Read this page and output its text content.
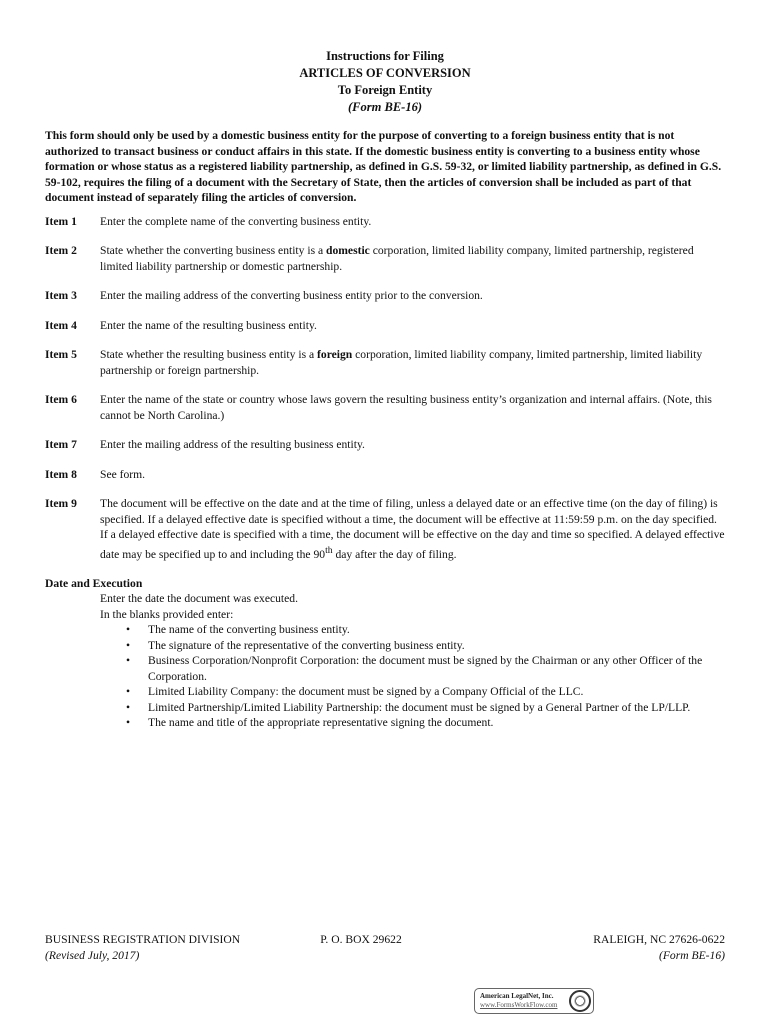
Instructions for Filing
ARTICLES OF CONVERSION
To Foreign Entity
(Form BE-16)
This form should only be used by a domestic business entity for the purpose of converting to a foreign business entity that is not authorized to transact business or conduct affairs in this state. If the domestic business entity is converting to a business entity whose formation or whose status as a registered liability partnership, as defined in G.S. 59-32, or limited liability partnership, as defined in G.S. 59-102, requires the filing of a document with the Secretary of State, then the articles of conversion shall be included as part of that document instead of separately filing the articles of conversion.
Item 1	Enter the complete name of the converting business entity.
Item 2	State whether the converting business entity is a domestic corporation, limited liability company, limited partnership, registered limited liability partnership or domestic partnership.
Item 3	Enter the mailing address of the converting business entity prior to the conversion.
Item 4	Enter the name of the resulting business entity.
Item 5	State whether the resulting business entity is a foreign corporation, limited liability company, limited partnership, limited liability partnership or foreign partnership.
Item 6	Enter the name of the state or country whose laws govern the resulting business entity’s organization and internal affairs. (Note, this cannot be North Carolina.)
Item 7	Enter the mailing address of the resulting business entity.
Item 8	See form.
Item 9	The document will be effective on the date and at the time of filing, unless a delayed date or an effective time (on the day of filing) is specified. If a delayed effective date is specified without a time, the document will be effective at 11:59:59 p.m. on the day specified. If a delayed effective date is specified with a time, the document will be effective on the day and time so specified. A delayed effective date may be specified up to and including the 90th day after the day of filing.
Date and Execution
Enter the date the document was executed.
In the blanks provided enter:
• The name of the converting business entity.
• The signature of the representative of the converting business entity.
• Business Corporation/Nonprofit Corporation: the document must be signed by the Chairman or any other Officer of the Corporation.
• Limited Liability Company: the document must be signed by a Company Official of the LLC.
• Limited Partnership/Limited Liability Partnership: the document must be signed by a General Partner of the LP/LLP.
• The name and title of the appropriate representative signing the document.
BUSINESS REGISTRATION DIVISION	P. O. BOX 29622	RALEIGH, NC 27626-0622
(Revised July, 2017)	(Form BE-16)
American LegalNet, Inc.
www.FormsWorkFlow.com
